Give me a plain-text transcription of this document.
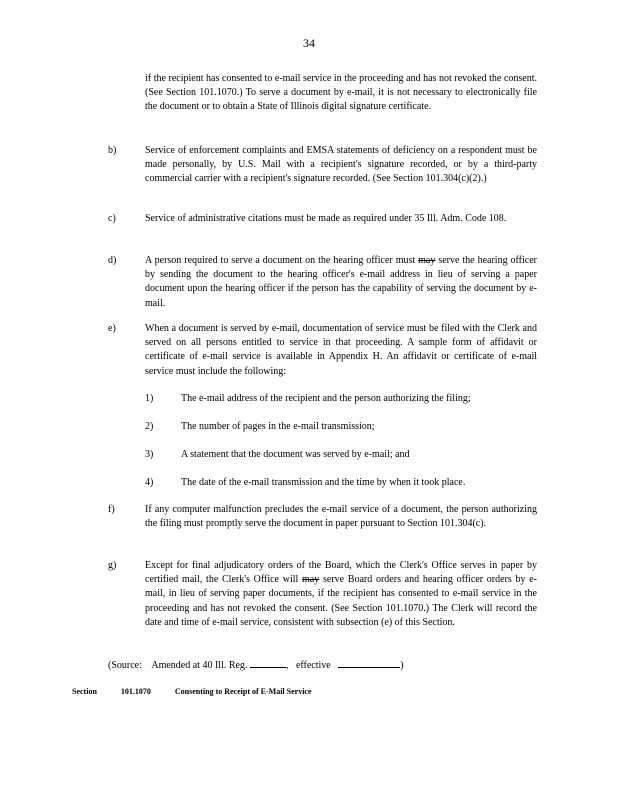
34
if the recipient has consented to e-mail service in the proceeding and has not revoked the consent. (See Section 101.1070.) To serve a document by e-mail, it is not necessary to electronically file the document or to obtain a State of Illinois digital signature certificate.
b)	Service of enforcement complaints and EMSA statements of deficiency on a respondent must be made personally, by U.S. Mail with a recipient's signature recorded, or by a third-party commercial carrier with a recipient's signature recorded. (See Section 101.304(c)(2).)
c)	Service of administrative citations must be made as required under 35 Ill. Adm. Code 108.
d)	A person required to serve a document on the hearing officer must may serve the hearing officer by sending the document to the hearing officer's e-mail address in lieu of serving a paper document upon the hearing officer if the person has the capability of serving the document by e-mail.
e)	When a document is served by e-mail, documentation of service must be filed with the Clerk and served on all persons entitled to service in that proceeding. A sample form of affidavit or certificate of e-mail service is available in Appendix H. An affidavit or certificate of e-mail service must include the following:
1)	The e-mail address of the recipient and the person authorizing the filing;
2)	The number of pages in the e-mail transmission;
3)	A statement that the document was served by e-mail; and
4)	The date of the e-mail transmission and the time by when it took place.
f)	If any computer malfunction precludes the e-mail service of a document, the person authorizing the filing must promptly serve the document in paper pursuant to Section 101.304(c).
g)	Except for final adjudicatory orders of the Board, which the Clerk's Office serves in paper by certified mail, the Clerk's Office will may serve Board orders and hearing officer orders by e-mail, in lieu of serving paper documents, if the recipient has consented to e-mail service in the proceeding and has not revoked the consent. (See Section 101.1070.) The Clerk will record the date and time of e-mail service, consistent with subsection (e) of this Section.
(Source: Amended at 40 Ill. Reg.	, effective	)
Section	101.1070	Consenting to Receipt of E-Mail Service
